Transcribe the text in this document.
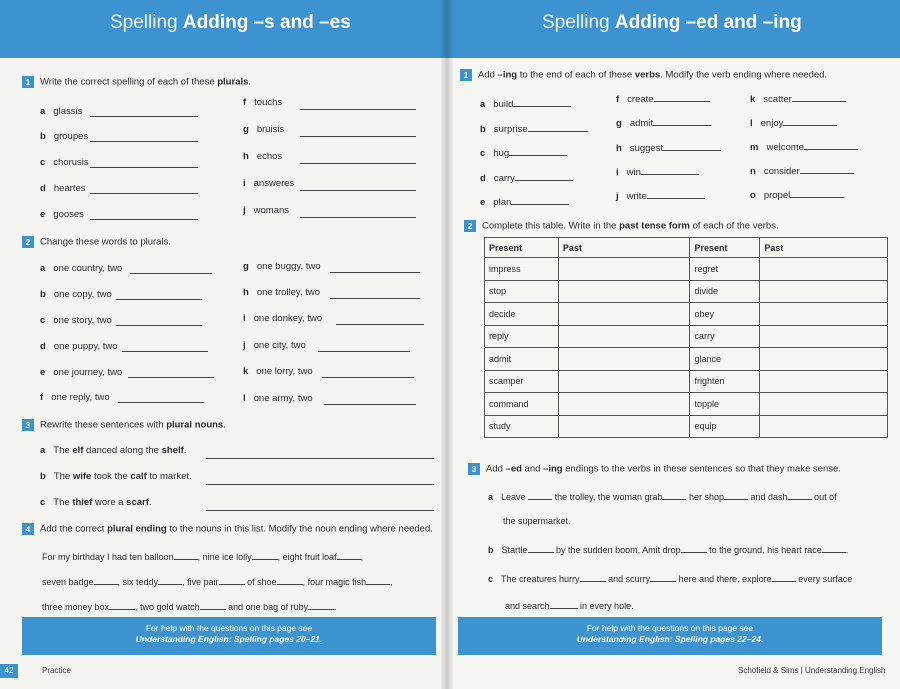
Spelling Adding –s and –es
1 Write the correct spelling of each of these plurals.
a glassis
b groupes
c chorusis
d heartes
e gooses
f touchs
g bruisis
h echos
i answeres
j womans
2 Change these words to plurals.
a one country, two
b one copy, two
c one story, two
d one puppy, two
e one journey, two
f one reply, two
g one buggy, two
h one trolley, two
i one donkey, two
j one city, two
k one lorry, two
l one army, two
3 Rewrite these sentences with plural nouns.
a The elf danced along the shelf.
b The wife took the calf to market.
c The thief wore a scarf.
4 Add the correct plural ending to the nouns in this list. Modify the noun ending where needed.
For my birthday I had ten balloon	, nine ice lolly	, eight fruit loaf	,
seven badge	, six teddy	, five pair	of shoe	, four magic fish	,
three money box	, two gold watch	and one bag of ruby	.
For help with the questions on this page see
Understanding English: Spelling pages 20–21.
42	Practice
Spelling Adding –ed and –ing
1 Add –ing to the end of each of these verbs. Modify the verb ending where needed.
a build
b surprise
c hug
d carry
e plan
f create
g admit
h suggest
i win
j write
k scatter
l enjoy
m welcome
n consider
o propel
2 Complete this table. Write in the past tense form of each of the verbs.
Present	Past	Present	Past
impress		regret	
stop		divide	
decide		obey	
reply		carry	
admit		glance	
scamper		frighten	
command		topple	
study		equip	
3 Add –ed and –ing endings to the verbs in these sentences so that they make sense.
a Leave	the trolley, the woman grab	her shop	and dash	out of
the supermarket.
b Startle	by the sudden boom, Amit drop	to the ground, his heart race	.
c The creatures hurry	and scurry	here and there, explore	every surface
and search	in every hole.
For help with the questions on this page see
Understanding English: Spelling pages 22–24.
Schofield & Sims | Understanding English
